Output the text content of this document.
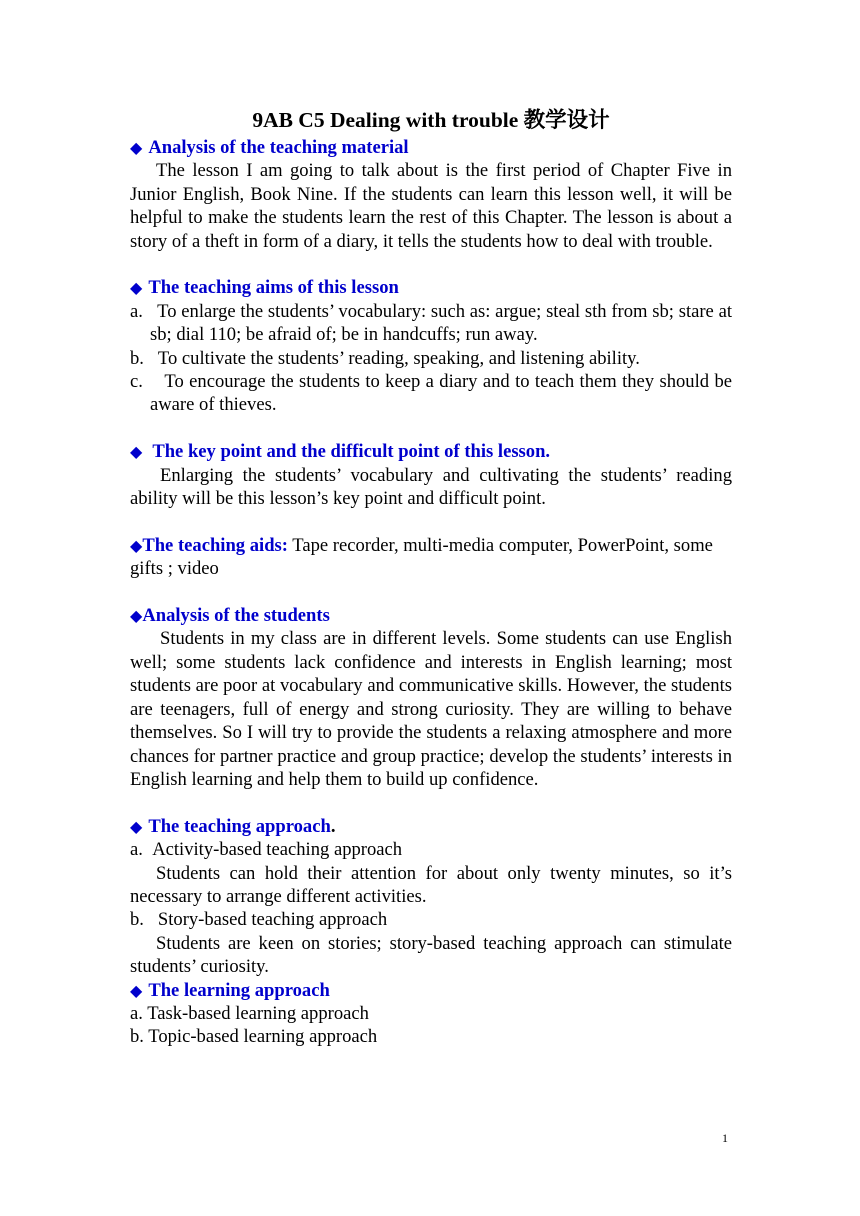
9AB C5 Dealing with trouble 教学设计
◆ Analysis of the teaching material

The lesson I am going to talk about is the first period of Chapter Five in Junior English, Book Nine. If the students can learn this lesson well, it will be helpful to make the students learn the rest of this Chapter. The lesson is about a story of a theft in form of a diary, it tells the students how to deal with trouble.

◆ The teaching aims of this lesson

a.   To enlarge the students’ vocabulary: such as: argue; steal sth from sb; stare at sb; dial 110; be afraid of; be in handcuffs; run away.

b.   To cultivate the students’ reading, speaking, and listening ability.

c.    To encourage the students to keep a diary and to teach them they should be aware of thieves.

◆ The key point and the difficult point of this lesson.

Enlarging the students’ vocabulary and cultivating the students’ reading ability will be this lesson’s key point and difficult point.

◆The teaching aids: Tape recorder, multi-media computer, PowerPoint, some gifts ; video

◆Analysis of the students

Students in my class are in different levels. Some students can use English well; some students lack confidence and interests in English learning; most students are poor at vocabulary and communicative skills. However, the students are teenagers, full of energy and strong curiosity. They are willing to behave themselves. So I will try to provide the students a relaxing atmosphere and more chances for partner practice and group practice; develop the students’ interests in English learning and help them to build up confidence.

◆ The teaching approach.

a.  Activity-based teaching approach

Students can hold their attention for about only twenty minutes, so it’s necessary to arrange different activities.

b.   Story-based teaching approach

Students are keen on stories; story-based teaching approach can stimulate students’ curiosity.

◆ The learning approach

a. Task-based learning approach

b. Topic-based learning approach

1
